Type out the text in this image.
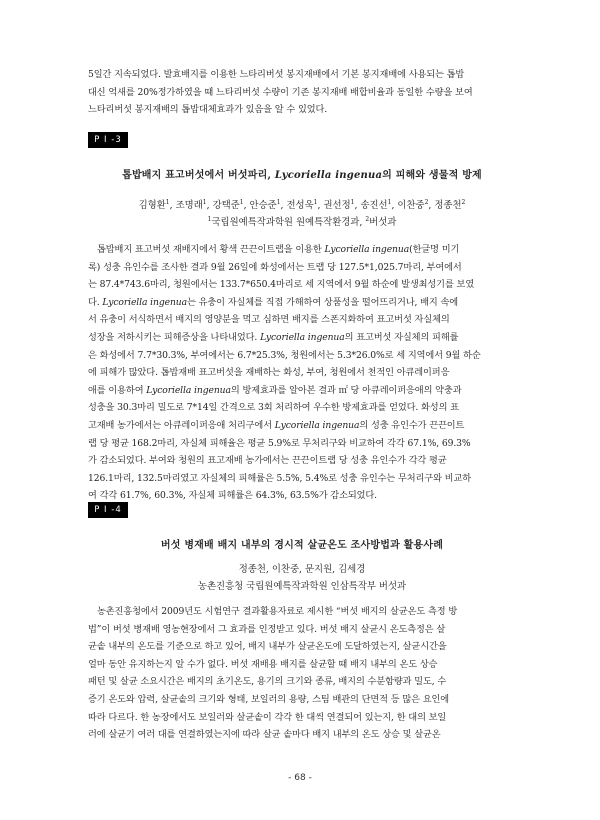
5일간 지속되었다. 발효배지를 이용한 느타리버섯 봉지재배에서 기본 봉지재배에 사용되는 톱밥

대신 억새를 20%정가하였을 때 느타리버섯 수량이 기존 봉지재배 배합비율과 동일한 수량을 보여

느타리버섯 봉지재배의 톱밥대체효과가 있음을 알 수 있었다.

P I -3
톱밥배지 표고버섯에서 버섯파리, Lycoriella ingenua의 피해와 생물적 방제
김형환$^1$, 조명래$^1$, 강택준$^1$, 안승준$^1$, 전성욱$^1$, 권선정$^1$, 송진선$^1$, 이찬중$^2$, 정종천$^2$
$^1$국립원예특작과학원 원예특작환경과, $^2$버섯과

톱밥배지 표고버섯 재배지에서 황색 끈끈이트랩을 이용한 Lycoriella ingenua(한글명 미기

록) 성충 유인수를 조사한 결과 9월 26일에 화성에서는 트랩 당 127.5*1,025.7마리, 부여에서

는 87.4*743.6마리, 청원에서는 133.7*650.4마리로 세 지역에서 9월 하순에 발생최성기를 보였

다. Lycoriella ingenua는 유충이 자실체를 직접 가해하여 상품성을 떨어뜨리거나, 배지 속에

서 유충이 서식하면서 배지의 영양분을 먹고 심하면 배지를 스폰지화하여 표고버섯 자실체의

성장을 저하시키는 피해증상을 나타내었다. Lycoriella ingenua의 표고버섯 자실체의 피해률

은 화성에서 7.7*30.3%, 부여에서는 6.7*25.3%, 청원에서는 5.3*26.0%로 세 지역에서 9월 하순

에 피해가 많았다. 톱밥재배 표고버섯을 재배하는 화성, 부여, 청원에서 천적인 아큐레이퍼응

애를 이용하여 Lycoriella ingenua의 방제효과를 알아본 결과 ㎡ 당 아큐레이퍼응애의 약충과

성충을 30.3마리 밀도로 7*14일 간격으로 3회 처리하여 우수한 방제효과를 얻었다. 화성의 표

고재배 농가에서는 아큐레이퍼응애 처리구에서 Lycoriella ingenua의 성충 유인수가 끈끈이트

랩 당 평균 168.2마리, 자실체 피해율은 평균 5.9%로 무처리구와 비교하여 각각 67.1%, 69.3%

가 감소되었다. 부여와 청원의 표고재배 농가에서는 끈끈이트랩 당 성충 유인수가 각각 평균

126.1마리, 132.5마리였고 자실체의 피해률은 5.5%, 5.4%로 성충 유인수는 무처리구와 비교하

여 각각 61.7%, 60.3%, 자실체 피해률은 64.3%, 63.5%가 감소되었다.

P I -4
버섯 병재배 배지 내부의 경시적 살균온도 조사방법과 활용사례
정종천, 이찬중, 문지원, 김세경
농촌진흥청 국립원예특작과학원 인삼특작부 버섯과

농촌진흥청에서 2009년도 시험연구 결과활용자료로 제시한 “버섯 배지의 살균온도 측정 방

법”이 버섯 병재배 영농현장에서 그 효과를 인정받고 있다. 버섯 배지 살균시 온도측정은 살

균솥 내부의 온도를 기준으로 하고 있어, 배지 내부가 살균온도에 도달하였는지, 살균시간을

얼마 동안 유지하는지 알 수가 없다. 버섯 재배용 배지를 살균할 때 배지 내부의 온도 상승

패턴 및 살균 소요시간은 배지의 초기온도, 용기의 크기와 종류, 배지의 수분함량과 밀도, 수

증기 온도와 압력, 살균솥의 크기와 형태, 보일러의 용량, 스팀 배관의 단면적 등 많은 요인에

따라 다르다. 한 농장에서도 보일러와 살균솥이 각각 한 대씩 연결되어 있는지, 한 대의 보일

러에 살균기 여러 대를 연결하였는지에 따라 살균 솥마다 배지 내부의 온도 상승 및 살균온

- 68 -
